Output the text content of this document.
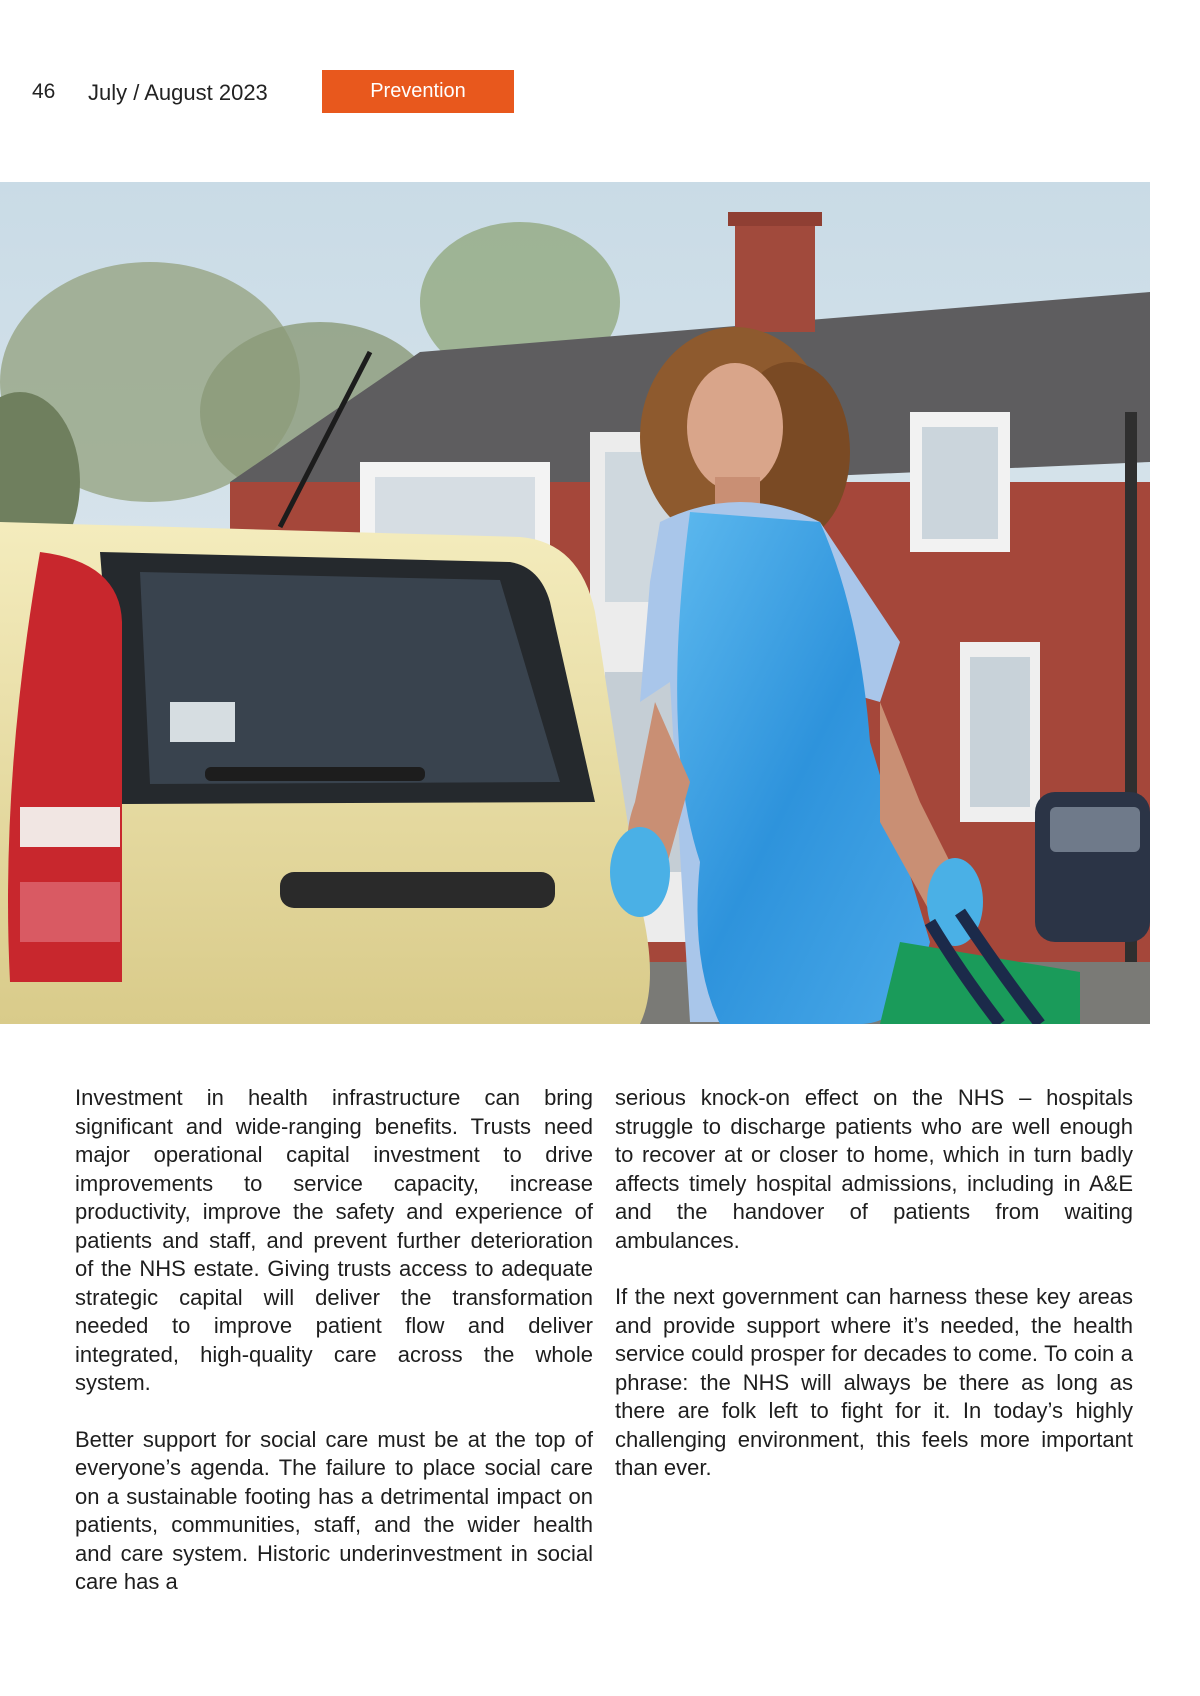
46 July / August 2023	Prevention

Investment in health infrastructure can bring significant and wide-ranging benefits. Trusts need major operational capital investment to drive improvements to service capacity, increase productivity, improve the safety and experience of patients and staff, and prevent further deterioration of the NHS estate. Giving trusts access to adequate strategic capital will deliver the transformation needed to improve patient flow and deliver integrated, high-quality care across the whole system.

Better support for social care must be at the top of everyone’s agenda. The failure to place social care on a sustainable footing has a detrimental impact on patients, communities, staff, and the wider health and care system. Historic underinvestment in social care has a

serious knock-on effect on the NHS – hospitals struggle to discharge patients who are well enough to recover at or closer to home, which in turn badly affects timely hospital admissions, including in A&E and the handover of patients from waiting ambulances.

If the next government can harness these key areas and provide support where it’s needed, the health service could prosper for decades to come. To coin a phrase: the NHS will always be there as long as there are folk left to fight for it. In today’s highly challenging environment, this feels more important than ever.
